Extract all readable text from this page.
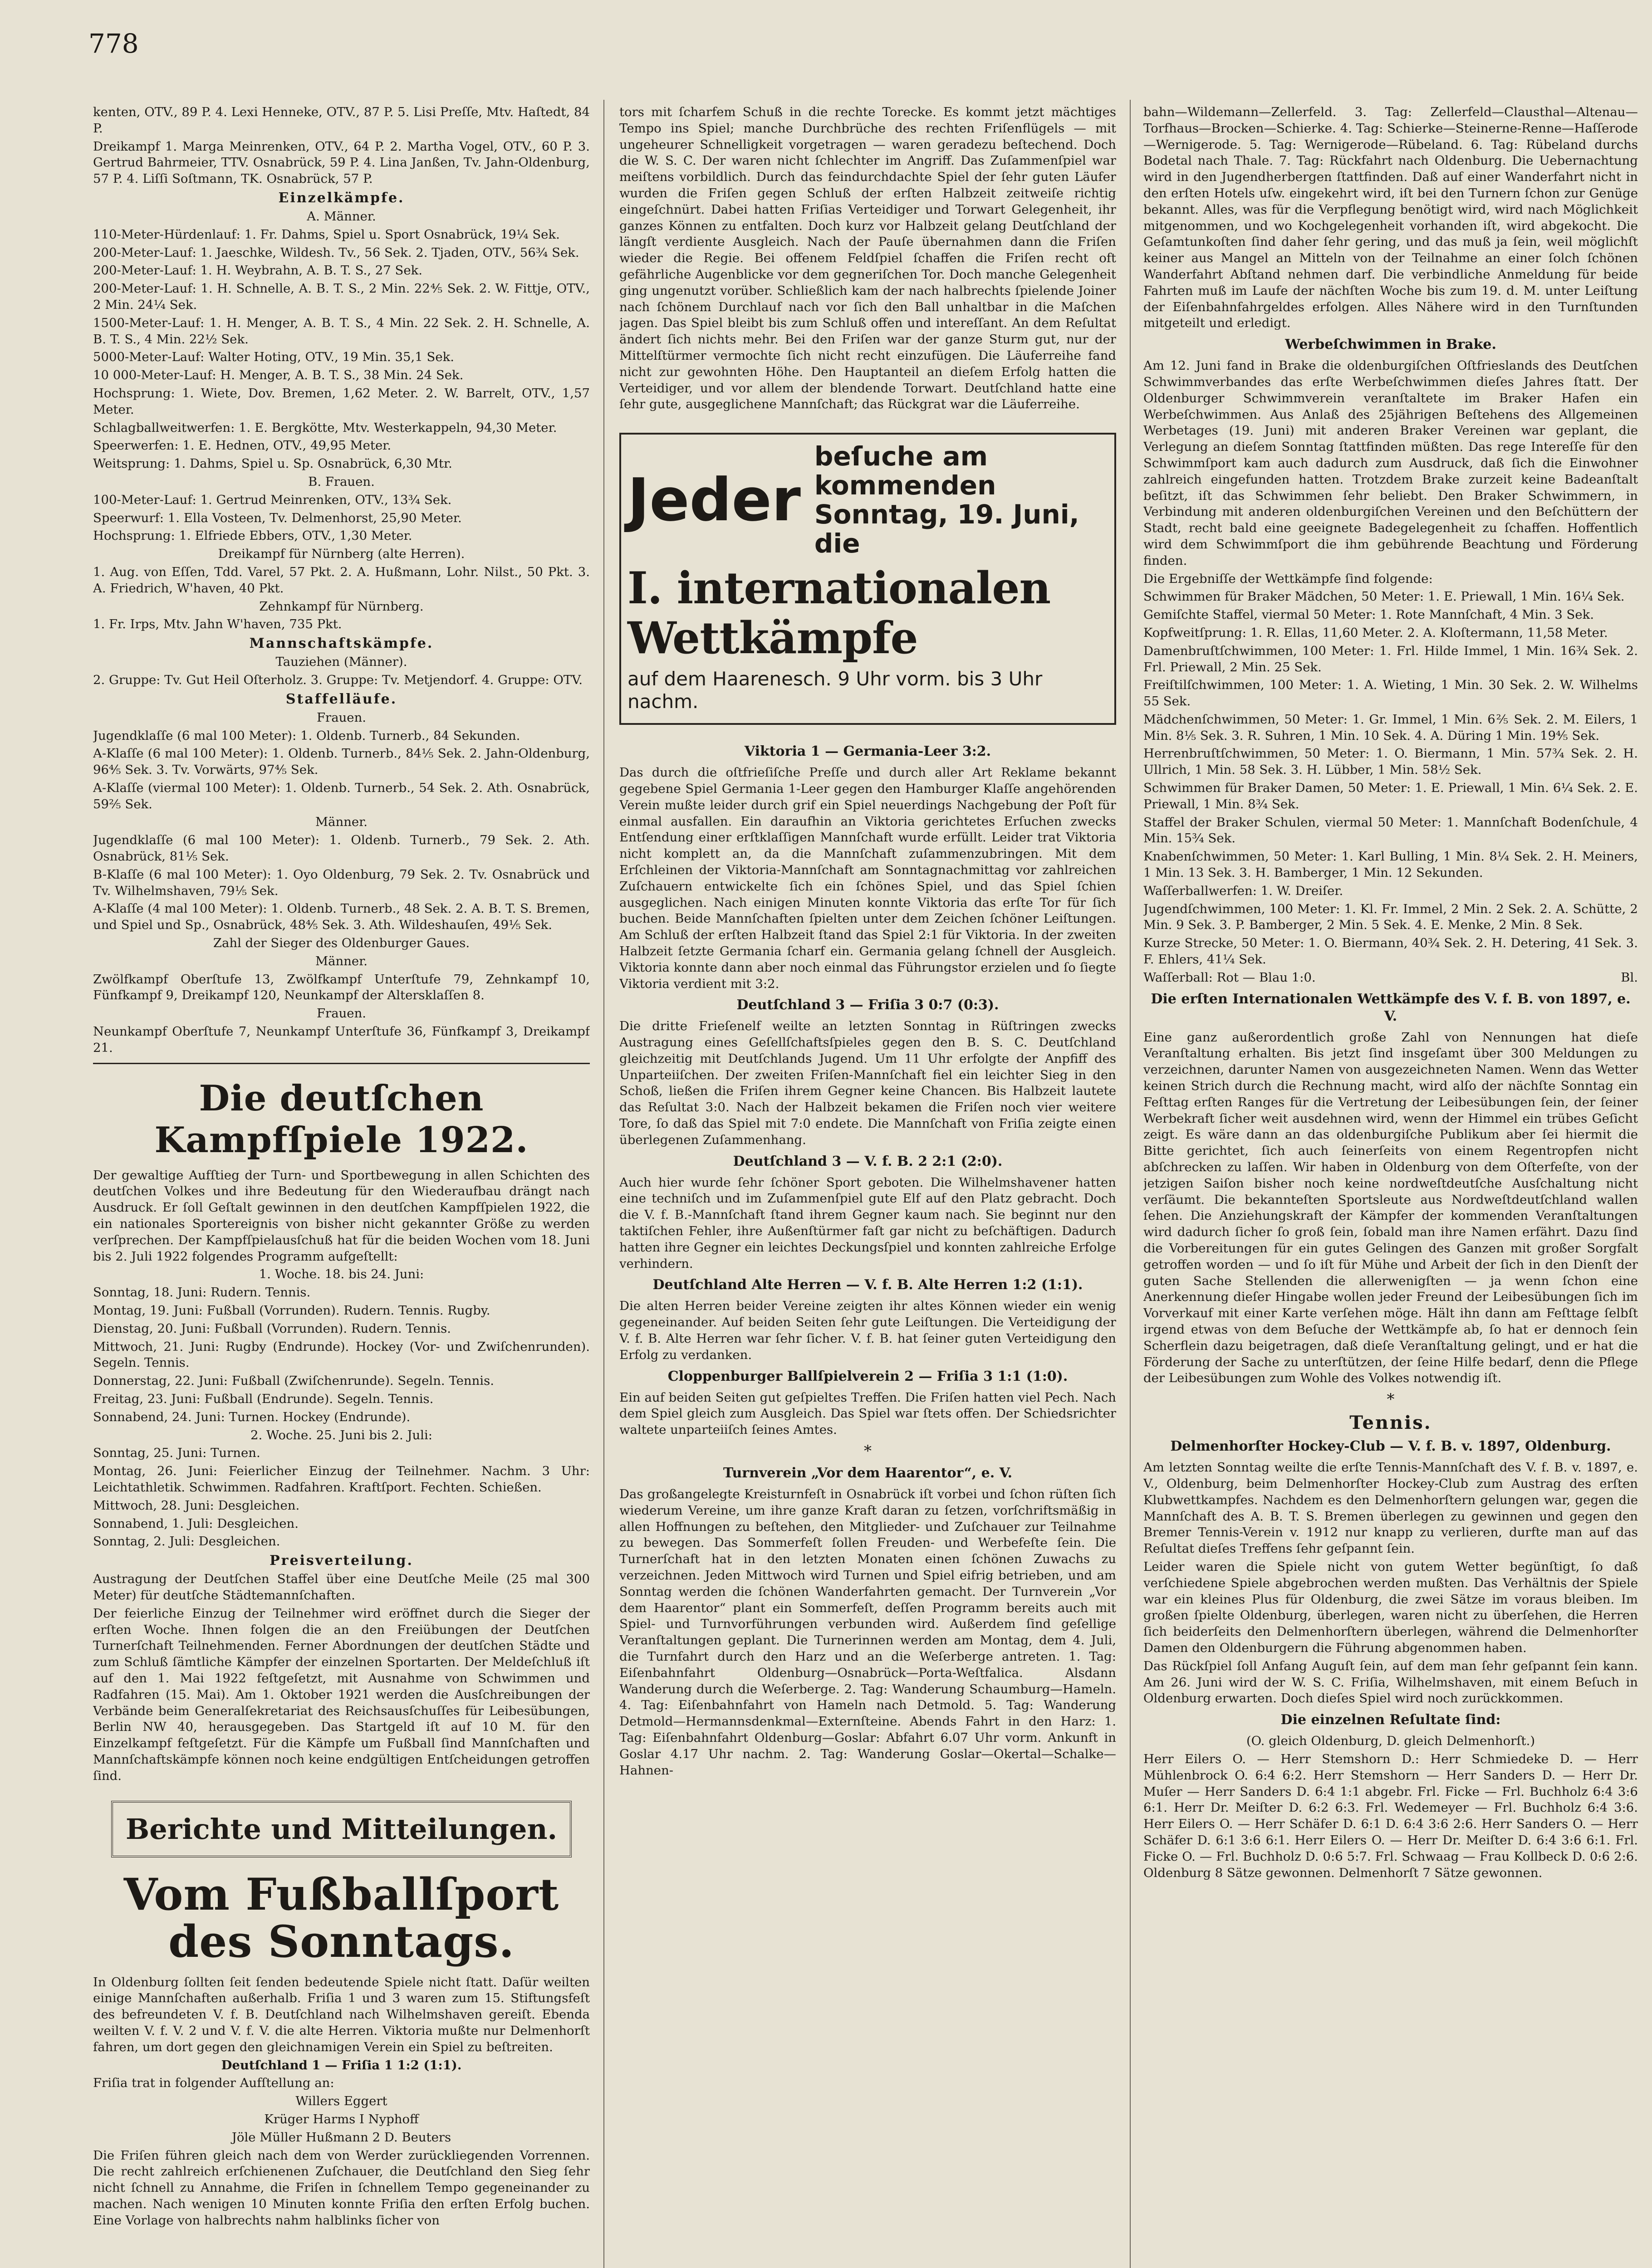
778

kenten, OTV., 89 P. 4. Lexi Henneke, OTV., 87 P. 5. Lisi Preſſe, Mtv. Haſtedt, 84 P.

Dreikampf 1. Marga Meinrenken, OTV., 64 P. 2. Martha Vogel, OTV., 60 P. 3. Gertrud Bahrmeier, TTV. Osnabrück, 59 P. 4. Lina Janßen, Tv. Jahn-Oldenburg, 57 P. 4. Liſſi Soſtmann, TK. Osnabrück, 57 P.

Einzelkämpfe.

A. Männer.

110-Meter-Hürdenlauf: 1. Fr. Dahms, Spiel u. Sport Osnabrück, 19¼ Sek.

200-Meter-Lauf: 1. Jaeschke, Wildesh. Tv., 56 Sek. 2. Tjaden, OTV., 56¾ Sek.

200-Meter-Lauf: 1. H. Weybrahn, A. B. T. S., 27 Sek.

200-Meter-Lauf: 1. H. Schnelle, A. B. T. S., 2 Min. 22⅘ Sek. 2. W. Fittje, OTV., 2 Min. 24¼ Sek.

1500-Meter-Lauf: 1. H. Menger, A. B. T. S., 4 Min. 22 Sek. 2. H. Schnelle, A. B. T. S., 4 Min. 22½ Sek.

5000-Meter-Lauf: Walter Hoting, OTV., 19 Min. 35,1 Sek.

10 000-Meter-Lauf: H. Menger, A. B. T. S., 38 Min. 24 Sek.

Hochsprung: 1. Wiete, Dov. Bremen, 1,62 Meter. 2. W. Barrelt, OTV., 1,57 Meter.

Schlagballweitwerfen: 1. E. Bergkötte, Mtv. Westerkappeln, 94,30 Meter.

Speerwerfen: 1. E. Hednen, OTV., 49,95 Meter.

Weitsprung: 1. Dahms, Spiel u. Sp. Osnabrück, 6,30 Mtr.

B. Frauen.

100-Meter-Lauf: 1. Gertrud Meinrenken, OTV., 13¾ Sek.

Speerwurf: 1. Ella Vosteen, Tv. Delmenhorst, 25,90 Meter.

Hochsprung: 1. Elfriede Ebbers, OTV., 1,30 Meter.

Dreikampf für Nürnberg (alte Herren).

1. Aug. von Eſſen, Tdd. Varel, 57 Pkt. 2. A. Hußmann, Lohr. Nilst., 50 Pkt. 3. A. Friedrich, W'haven, 40 Pkt.

Zehnkampf für Nürnberg.

1. Fr. Irps, Mtv. Jahn W'haven, 735 Pkt.

Mannschaftskämpfe.

Tauziehen (Männer).

2. Gruppe: Tv. Gut Heil Oſterholz. 3. Gruppe: Tv. Metjendorf. 4. Gruppe: OTV.

Staffelläufe.

Frauen.

Jugendklaſſe (6 mal 100 Meter): 1. Oldenb. Turnerb., 84 Sekunden.

A-Klaſſe (6 mal 100 Meter): 1. Oldenb. Turnerb., 84⅕ Sek. 2. Jahn-Oldenburg, 96⅘ Sek. 3. Tv. Vorwärts, 97⅘ Sek.

A-Klaſſe (viermal 100 Meter): 1. Oldenb. Turnerb., 54 Sek. 2. Ath. Osnabrück, 59⅖ Sek.

Männer.

Jugendklaſſe (6 mal 100 Meter): 1. Oldenb. Turnerb., 79 Sek. 2. Ath. Osnabrück, 81⅕ Sek.

B-Klaſſe (6 mal 100 Meter): 1. Oyo Oldenburg, 79 Sek. 2. Tv. Osnabrück und Tv. Wilhelmshaven, 79⅕ Sek.

A-Klaſſe (4 mal 100 Meter): 1. Oldenb. Turnerb., 48 Sek. 2. A. B. T. S. Bremen, und Spiel und Sp., Osnabrück, 48⅘ Sek. 3. Ath. Wildeshauſen, 49⅕ Sek.

Zahl der Sieger des Oldenburger Gaues.

Männer.

Zwölfkampf Oberſtufe 13, Zwölfkampf Unterſtufe 79, Zehnkampf 10, Fünfkampf 9, Dreikampf 120, Neunkampf der Altersklaſſen 8.

Frauen.

Neunkampf Oberſtufe 7, Neunkampf Unterſtufe 36, Fünfkampf 3, Dreikampf 21.

Die deutſchen Kampfſpiele 1922.

Der gewaltige Aufſtieg der Turn- und Sportbewegung in allen Schichten des deutſchen Volkes und ihre Bedeutung für den Wiederaufbau drängt nach Ausdruck. Er ſoll Geſtalt gewinnen in den deutſchen Kampfſpielen 1922, die ein nationales Sportereignis von bisher nicht gekannter Größe zu werden verſprechen. Der Kampfſpielausſchuß hat für die beiden Wochen vom 18. Juni bis 2. Juli 1922 folgendes Programm aufgeſtellt:

1. Woche. 18. bis 24. Juni:

Sonntag, 18. Juni: Rudern. Tennis.

Montag, 19. Juni: Fußball (Vorrunden). Rudern. Tennis. Rugby.

Dienstag, 20. Juni: Fußball (Vorrunden). Rudern. Tennis.

Mittwoch, 21. Juni: Rugby (Endrunde). Hockey (Vor- und Zwiſchenrunden). Segeln. Tennis.

Donnerstag, 22. Juni: Fußball (Zwiſchenrunde). Segeln. Tennis.

Freitag, 23. Juni: Fußball (Endrunde). Segeln. Tennis.

Sonnabend, 24. Juni: Turnen. Hockey (Endrunde).

2. Woche. 25. Juni bis 2. Juli:

Sonntag, 25. Juni: Turnen.

Montag, 26. Juni: Feierlicher Einzug der Teilnehmer. Nachm. 3 Uhr: Leichtathletik. Schwimmen. Radfahren. Kraftſport. Fechten. Schießen.

Mittwoch, 28. Juni: Desgleichen.

Sonnabend, 1. Juli: Desgleichen.

Sonntag, 2. Juli: Desgleichen.

Preisverteilung.

Austragung der Deutſchen Staffel über eine Deutſche Meile (25 mal 300 Meter) für deutſche Städtemannſchaften.

Der feierliche Einzug der Teilnehmer wird eröffnet durch die Sieger der erſten Woche. Ihnen folgen die an den Freiübungen der Deutſchen Turnerſchaft Teilnehmenden. Ferner Abordnungen der deutſchen Städte und zum Schluß ſämtliche Kämpfer der einzelnen Sportarten. Der Meldeſchluß iſt auf den 1. Mai 1922 feſtgeſetzt, mit Ausnahme von Schwimmen und Radfahren (15. Mai). Am 1. Oktober 1921 werden die Ausſchreibungen der Verbände beim Generalſekretariat des Reichsausſchuſſes für Leibesübungen, Berlin NW 40, herausgegeben. Das Startgeld iſt auf 10 M. für den Einzelkampf feſtgeſetzt. Für die Kämpfe um Fußball ſind Mannſchaften und Mannſchaftskämpfe können noch keine endgültigen Entſcheidungen getroffen ſind.

Berichte und Mitteilungen.
Vom Fußballſport des Sonntags.

In Oldenburg ſollten ſeit ſenden bedeutende Spiele nicht ſtatt. Daſür weilten einige Mannſchaften außerhalb. Friſia 1 und 3 waren zum 15. Stiftungsfeſt des befreundeten V. f. B. Deutſchland nach Wilhelmshaven gereiſt. Ebenda weilten V. f. V. 2 und V. f. V. die alte Herren. Viktoria mußte nur Delmenhorſt fahren, um dort gegen den gleichnamigen Verein ein Spiel zu beſtreiten.

Deutſchland 1 — Friſia 1 1:2 (1:1).

Friſia trat in folgender Aufſtellung an:

Willers Eggert

Krüger Harms I Nyphoff

Jöle Müller Hußmann 2 D. Beuters

Die Friſen führen gleich nach dem von Werder zurückliegenden Vorrennen. Die recht zahlreich erſchienenen Zuſchauer, die Deutſchland den Sieg ſehr nicht ſchnell zu Annahme, die Friſen in ſchnellem Tempo gegeneinander zu machen. Nach wenigen 10 Minuten konnte Friſia den erſten Erfolg buchen. Eine Vorlage von halbrechts nahm halblinks ſicher von

tors mit ſcharfem Schuß in die rechte Torecke. Es kommt jetzt mächtiges Tempo ins Spiel; manche Durchbrüche des rechten Friſenflügels — mit ungeheurer Schnelligkeit vorgetragen — waren geradezu beſtechend. Doch die W. S. C. Der waren nicht ſchlechter im Angriff. Das Zuſammenſpiel war meiſtens vorbildlich. Durch das feindurchdachte Spiel der ſehr guten Läufer wurden die Friſen gegen Schluß der erſten Halbzeit zeitweiſe richtig eingeſchnürt. Dabei hatten Friſias Verteidiger und Torwart Gelegenheit, ihr ganzes Können zu entfalten. Doch kurz vor Halbzeit gelang Deutſchland der längſt verdiente Ausgleich. Nach der Pauſe übernahmen dann die Friſen wieder die Regie. Bei offenem Feldſpiel ſchaffen die Friſen recht oft gefährliche Augenblicke vor dem gegneriſchen Tor. Doch manche Gelegenheit ging ungenutzt vorüber. Schließlich kam der nach halbrechts ſpielende Joiner nach ſchönem Durchlauf nach vor ſich den Ball unhaltbar in die Maſchen jagen. Das Spiel bleibt bis zum Schluß offen und intereſſant. An dem Reſultat ändert ſich nichts mehr. Bei den Friſen war der ganze Sturm gut, nur der Mittelſtürmer vermochte ſich nicht recht einzufügen. Die Läuferreihe fand nicht zur gewohnten Höhe. Den Hauptanteil an dieſem Erfolg hatten die Verteidiger, und vor allem der blendende Torwart. Deutſchland hatte eine ſehr gute, ausgeglichene Mannſchaft; das Rückgrat war die Läuferreihe.

Jeder
beſuche am kommenden
Sonntag, 19. Juni, die
I. internationalen Wettkämpfe
auf dem Haarenesch. 9 Uhr vorm. bis 3 Uhr nachm.

Viktoria 1 — Germania-Leer 3:2.

Das durch die oſtfrieſiſche Preſſe und durch aller Art Reklame bekannt gegebene Spiel Germania 1-Leer gegen den Hamburger Klaſſe angehörenden Verein mußte leider durch grif ein Spiel neuerdings Nachgebung der Poſt für einmal ausfallen. Ein daraufhin an Viktoria gerichtetes Erſuchen zwecks Entſendung einer erſtklaſſigen Mannſchaft wurde erfüllt. Leider trat Viktoria nicht komplett an, da die Mannſchaft zuſammenzubringen. Mit dem Erſchleinen der Viktoria-Mannſchaft am Sonntagnachmittag vor zahlreichen Zuſchauern entwickelte ſich ein ſchönes Spiel, und das Spiel ſchien ausgeglichen. Nach einigen Minuten konnte Viktoria das erſte Tor für ſich buchen. Beide Mannſchaften ſpielten unter dem Zeichen ſchöner Leiſtungen. Am Schluß der erſten Halbzeit ſtand das Spiel 2:1 für Viktoria. In der zweiten Halbzeit ſetzte Germania ſcharf ein. Germania gelang ſchnell der Ausgleich. Viktoria konnte dann aber noch einmal das Führungstor erzielen und ſo ſiegte Viktoria verdient mit 3:2.

Deutſchland 3 — Friſia 3 0:7 (0:3).

Die dritte Frieſenelf weilte an letzten Sonntag in Rüſtringen zwecks Austragung eines Geſellſchaftsſpieles gegen den B. S. C. Deutſchland gleichzeitig mit Deutſchlands Jugend. Um 11 Uhr erfolgte der Anpfiff des Unparteiiſchen. Der zweiten Friſen-Mannſchaft fiel ein leichter Sieg in den Schoß, ließen die Friſen ihrem Gegner keine Chancen. Bis Halbzeit lautete das Reſultat 3:0. Nach der Halbzeit bekamen die Friſen noch vier weitere Tore, ſo daß das Spiel mit 7:0 endete. Die Mannſchaft von Friſia zeigte einen überlegenen Zuſammenhang.

Deutſchland 3 — V. f. B. 2 2:1 (2:0).

Auch hier wurde ſehr ſchöner Sport geboten. Die Wilhelmshavener hatten eine techniſch und im Zuſammenſpiel gute Elf auf den Platz gebracht. Doch die V. f. B.-Mannſchaft ſtand ihrem Gegner kaum nach. Sie beginnt nur den taktiſchen Fehler, ihre Außenſtürmer faſt gar nicht zu beſchäftigen. Dadurch hatten ihre Gegner ein leichtes Deckungsſpiel und konnten zahlreiche Erfolge verhindern.

Deutſchland Alte Herren — V. f. B. Alte Herren 1:2 (1:1).

Die alten Herren beider Vereine zeigten ihr altes Können wieder ein wenig gegeneinander. Auf beiden Seiten ſehr gute Leiſtungen. Die Verteidigung der V. f. B. Alte Herren war ſehr ſicher. V. f. B. hat ſeiner guten Verteidigung den Erfolg zu verdanken.

Cloppenburger Ballſpielverein 2 — Friſia 3 1:1 (1:0).

Ein auf beiden Seiten gut geſpieltes Treffen. Die Friſen hatten viel Pech. Nach dem Spiel gleich zum Ausgleich. Das Spiel war ſtets offen. Der Schiedsrichter waltete unparteiiſch ſeines Amtes.

*

Turnverein „Vor dem Haarentor“, e. V.

Das großangelegte Kreisturnfeſt in Osnabrück iſt vorbei und ſchon rüſten ſich wiederum Vereine, um ihre ganze Kraft daran zu ſetzen, vorſchriftsmäßig in allen Hoffnungen zu beſtehen, den Mitglieder- und Zuſchauer zur Teilnahme zu bewegen. Das Sommerfeſt ſollen Freuden- und Werbefeſte ſein. Die Turnerſchaft hat in den letzten Monaten einen ſchönen Zuwachs zu verzeichnen. Jeden Mittwoch wird Turnen und Spiel eifrig betrieben, und am Sonntag werden die ſchönen Wanderfahrten gemacht. Der Turnverein „Vor dem Haarentor“ plant ein Sommerfeſt, deſſen Programm bereits auch mit Spiel- und Turnvorführungen verbunden wird. Außerdem ſind geſellige Veranſtaltungen geplant. Die Turnerinnen werden am Montag, dem 4. Juli, die Turnfahrt durch den Harz und an die Weſerberge antreten. 1. Tag: Eiſenbahnfahrt Oldenburg—Osnabrück—Porta-Weſtfalica. Alsdann Wanderung durch die Weſerberge. 2. Tag: Wanderung Schaumburg—Hameln. 4. Tag: Eiſenbahnfahrt von Hameln nach Detmold. 5. Tag: Wanderung Detmold—Hermannsdenkmal—Externſteine. Abends Fahrt in den Harz: 1. Tag: Eiſenbahnfahrt Oldenburg—Goslar: Abfahrt 6.07 Uhr vorm. Ankunft in Goslar 4.17 Uhr nachm. 2. Tag: Wanderung Goslar—Okertal—Schalke—Hahnen-

bahn—Wildemann—Zellerfeld. 3. Tag: Zellerfeld—Clausthal—Altenau—Torfhaus—Brocken—Schierke. 4. Tag: Schierke—Steinerne-Renne—Haſſerode—Wernigerode. 5. Tag: Wernigerode—Rübeland. 6. Tag: Rübeland durchs Bodetal nach Thale. 7. Tag: Rückfahrt nach Oldenburg. Die Uebernachtung wird in den Jugendherbergen ſtattfinden. Daß auf einer Wanderfahrt nicht in den erſten Hotels uſw. eingekehrt wird, iſt bei den Turnern ſchon zur Genüge bekannt. Alles, was für die Verpflegung benötigt wird, wird nach Möglichkeit mitgenommen, und wo Kochgelegenheit vorhanden iſt, wird abgekocht. Die Geſamtunkoſten ſind daher ſehr gering, und das muß ja ſein, weil möglichſt keiner aus Mangel an Mitteln von der Teilnahme an einer ſolch ſchönen Wanderfahrt Abſtand nehmen darf. Die verbindliche Anmeldung für beide Fahrten muß im Laufe der nächſten Woche bis zum 19. d. M. unter Leiſtung der Eiſenbahnfahrgeldes erfolgen. Alles Nähere wird in den Turnſtunden mitgeteilt und erledigt.

Werbeſchwimmen in Brake.

Am 12. Juni fand in Brake die oldenburgiſchen Oſtfrieslands des Deutſchen Schwimmverbandes das erſte Werbeſchwimmen dieſes Jahres ſtatt. Der Oldenburger Schwimmverein veranſtaltete im Braker Hafen ein Werbeſchwimmen. Aus Anlaß des 25jährigen Beſtehens des Allgemeinen Werbetages (19. Juni) mit anderen Braker Vereinen war geplant, die Verlegung an dieſem Sonntag ſtattfinden müßten. Das rege Intereſſe für den Schwimmſport kam auch dadurch zum Ausdruck, daß ſich die Einwohner zahlreich eingefunden hatten. Trotzdem Brake zurzeit keine Badeanſtalt beſitzt, iſt das Schwimmen ſehr beliebt. Den Braker Schwimmern, in Verbindung mit anderen oldenburgiſchen Vereinen und den Beſchüttern der Stadt, recht bald eine geeignete Badegelegenheit zu ſchaffen. Hoffentlich wird dem Schwimmſport die ihm gebührende Beachtung und Förderung finden.

Die Ergebniſſe der Wettkämpfe ſind folgende:

Schwimmen für Braker Mädchen, 50 Meter: 1. E. Priewall, 1 Min. 16¼ Sek.

Gemiſchte Staffel, viermal 50 Meter: 1. Rote Mannſchaft, 4 Min. 3 Sek.

Kopfweitſprung: 1. R. Ellas, 11,60 Meter. 2. A. Kloſtermann, 11,58 Meter.

Damenbruſtſchwimmen, 100 Meter: 1. Frl. Hilde Immel, 1 Min. 16¾ Sek. 2. Frl. Priewall, 2 Min. 25 Sek.

Freiſtilſchwimmen, 100 Meter: 1. A. Wieting, 1 Min. 30 Sek. 2. W. Wilhelms 55 Sek.

Mädchenſchwimmen, 50 Meter: 1. Gr. Immel, 1 Min. 6⅖ Sek. 2. M. Eilers, 1 Min. 8⅕ Sek. 3. R. Suhren, 1 Min. 10 Sek. 4. A. Düring 1 Min. 19⅘ Sek.

Herrenbruſtſchwimmen, 50 Meter: 1. O. Biermann, 1 Min. 57¾ Sek. 2. H. Ullrich, 1 Min. 58 Sek. 3. H. Lübber, 1 Min. 58½ Sek.

Schwimmen für Braker Damen, 50 Meter: 1. E. Priewall, 1 Min. 6¼ Sek. 2. E. Priewall, 1 Min. 8¾ Sek.

Staffel der Braker Schulen, viermal 50 Meter: 1. Mannſchaft Bodenſchule, 4 Min. 15¾ Sek.

Knabenſchwimmen, 50 Meter: 1. Karl Bulling, 1 Min. 8¼ Sek. 2. H. Meiners, 1 Min. 13 Sek. 3. H. Bamberger, 1 Min. 12 Sekunden.

Waſſerballwerfen: 1. W. Dreiſer.

Jugendſchwimmen, 100 Meter: 1. Kl. Fr. Immel, 2 Min. 2 Sek. 2. A. Schütte, 2 Min. 9 Sek. 3. P. Bamberger, 2 Min. 5 Sek. 4. E. Menke, 2 Min. 8 Sek.

Kurze Strecke, 50 Meter: 1. O. Biermann, 40¾ Sek. 2. H. Detering, 41 Sek. 3. F. Ehlers, 41¼ Sek.

Waſſerball: Rot — Blau 1:0.	Bl.

Die erſten Internationalen Wettkämpfe des V. f. B. von 1897, e. V.

Eine ganz außerordentlich große Zahl von Nennungen hat dieſe Veranſtaltung erhalten. Bis jetzt ſind insgeſamt über 300 Meldungen zu verzeichnen, darunter Namen von ausgezeichneten Namen. Wenn das Wetter keinen Strich durch die Rechnung macht, wird alſo der nächſte Sonntag ein Feſttag erſten Ranges für die Vertretung der Leibesübungen ſein, der ſeiner Werbekraft ſicher weit ausdehnen wird, wenn der Himmel ein trübes Geſicht zeigt. Es wäre dann an das oldenburgiſche Publikum aber ſei hiermit die Bitte gerichtet, ſich auch ſeinerſeits von einem Regentropfen nicht abſchrecken zu laſſen. Wir haben in Oldenburg von dem Oſterfeſte, von der jetzigen Saiſon bisher noch keine nordweſtdeutſche Ausſchaltung nicht verſäumt. Die bekannteſten Sportsleute aus Nordweſtdeutſchland wallen ſehen. Die Anziehungskraft der Kämpfer der kommenden Veranſtaltungen wird dadurch ſicher ſo groß ſein, ſobald man ihre Namen erfährt. Dazu ſind die Vorbereitungen für ein gutes Gelingen des Ganzen mit großer Sorgfalt getroffen worden — und ſo iſt für Mühe und Arbeit der ſich in den Dienſt der guten Sache Stellenden die allerwenigſten — ja wenn ſchon eine Anerkennung dieſer Hingabe wollen jeder Freund der Leibesübungen ſich im Vorverkauf mit einer Karte verſehen möge. Hält ihn dann am Feſttage ſelbſt irgend etwas von dem Beſuche der Wettkämpfe ab, ſo hat er dennoch ſein Scherflein dazu beigetragen, daß dieſe Veranſtaltung gelingt, und er hat die Förderung der Sache zu unterſtützen, der ſeine Hilfe bedarf, denn die Pflege der Leibesübungen zum Wohle des Volkes notwendig iſt.

*
Tennis.

Delmenhorſter Hockey-Club — V. f. B. v. 1897, Oldenburg.

Am letzten Sonntag weilte die erſte Tennis-Mannſchaft des V. f. B. v. 1897, e. V., Oldenburg, beim Delmenhorſter Hockey-Club zum Austrag des erſten Klubwettkampfes. Nachdem es den Delmenhorſtern gelungen war, gegen die Mannſchaft des A. B. T. S. Bremen überlegen zu gewinnen und gegen den Bremer Tennis-Verein v. 1912 nur knapp zu verlieren, durfte man auf das Reſultat dieſes Treffens ſehr geſpannt ſein.

Leider waren die Spiele nicht von gutem Wetter begünſtigt, ſo daß verſchiedene Spiele abgebrochen werden mußten. Das Verhältnis der Spiele war ein kleines Plus für Oldenburg, die zwei Sätze im voraus bleiben. Im großen ſpielte Oldenburg, überlegen, waren nicht zu überſehen, die Herren ſich beiderſeits den Delmenhorſtern überlegen, während die Delmenhorſter Damen den Oldenburgern die Führung abgenommen haben.

Das Rückſpiel ſoll Anfang Auguſt ſein, auf dem man ſehr geſpannt ſein kann. Am 26. Juni wird der W. S. C. Friſia, Wilhelmshaven, mit einem Beſuch in Oldenburg erwarten. Doch dieſes Spiel wird noch zurückkommen.

Die einzelnen Reſultate ſind:

(O. gleich Oldenburg, D. gleich Delmenhorſt.)

Herr Eilers O. — Herr Stemshorn D.: Herr Schmiedeke D. — Herr Mühlenbrock O. 6:4 6:2. Herr Stemshorn — Herr Sanders D. — Herr Dr. Muſer — Herr Sanders D. 6:4 1:1 abgebr. Frl. Ficke — Frl. Buchholz 6:4 3:6 6:1. Herr Dr. Meiſter D. 6:2 6:3. Frl. Wedemeyer — Frl. Buchholz 6:4 3:6. Herr Eilers O. — Herr Schäfer D. 6:1 D. 6:4 3:6 2:6. Herr Sanders O. — Herr Schäfer D. 6:1 3:6 6:1. Herr Eilers O. — Herr Dr. Meiſter D. 6:4 3:6 6:1. Frl. Ficke O. — Frl. Buchholz D. 0:6 5:7. Frl. Schwaag — Frau Kollbeck D. 0:6 2:6. Oldenburg 8 Sätze gewonnen. Delmenhorſt 7 Sätze gewonnen.
